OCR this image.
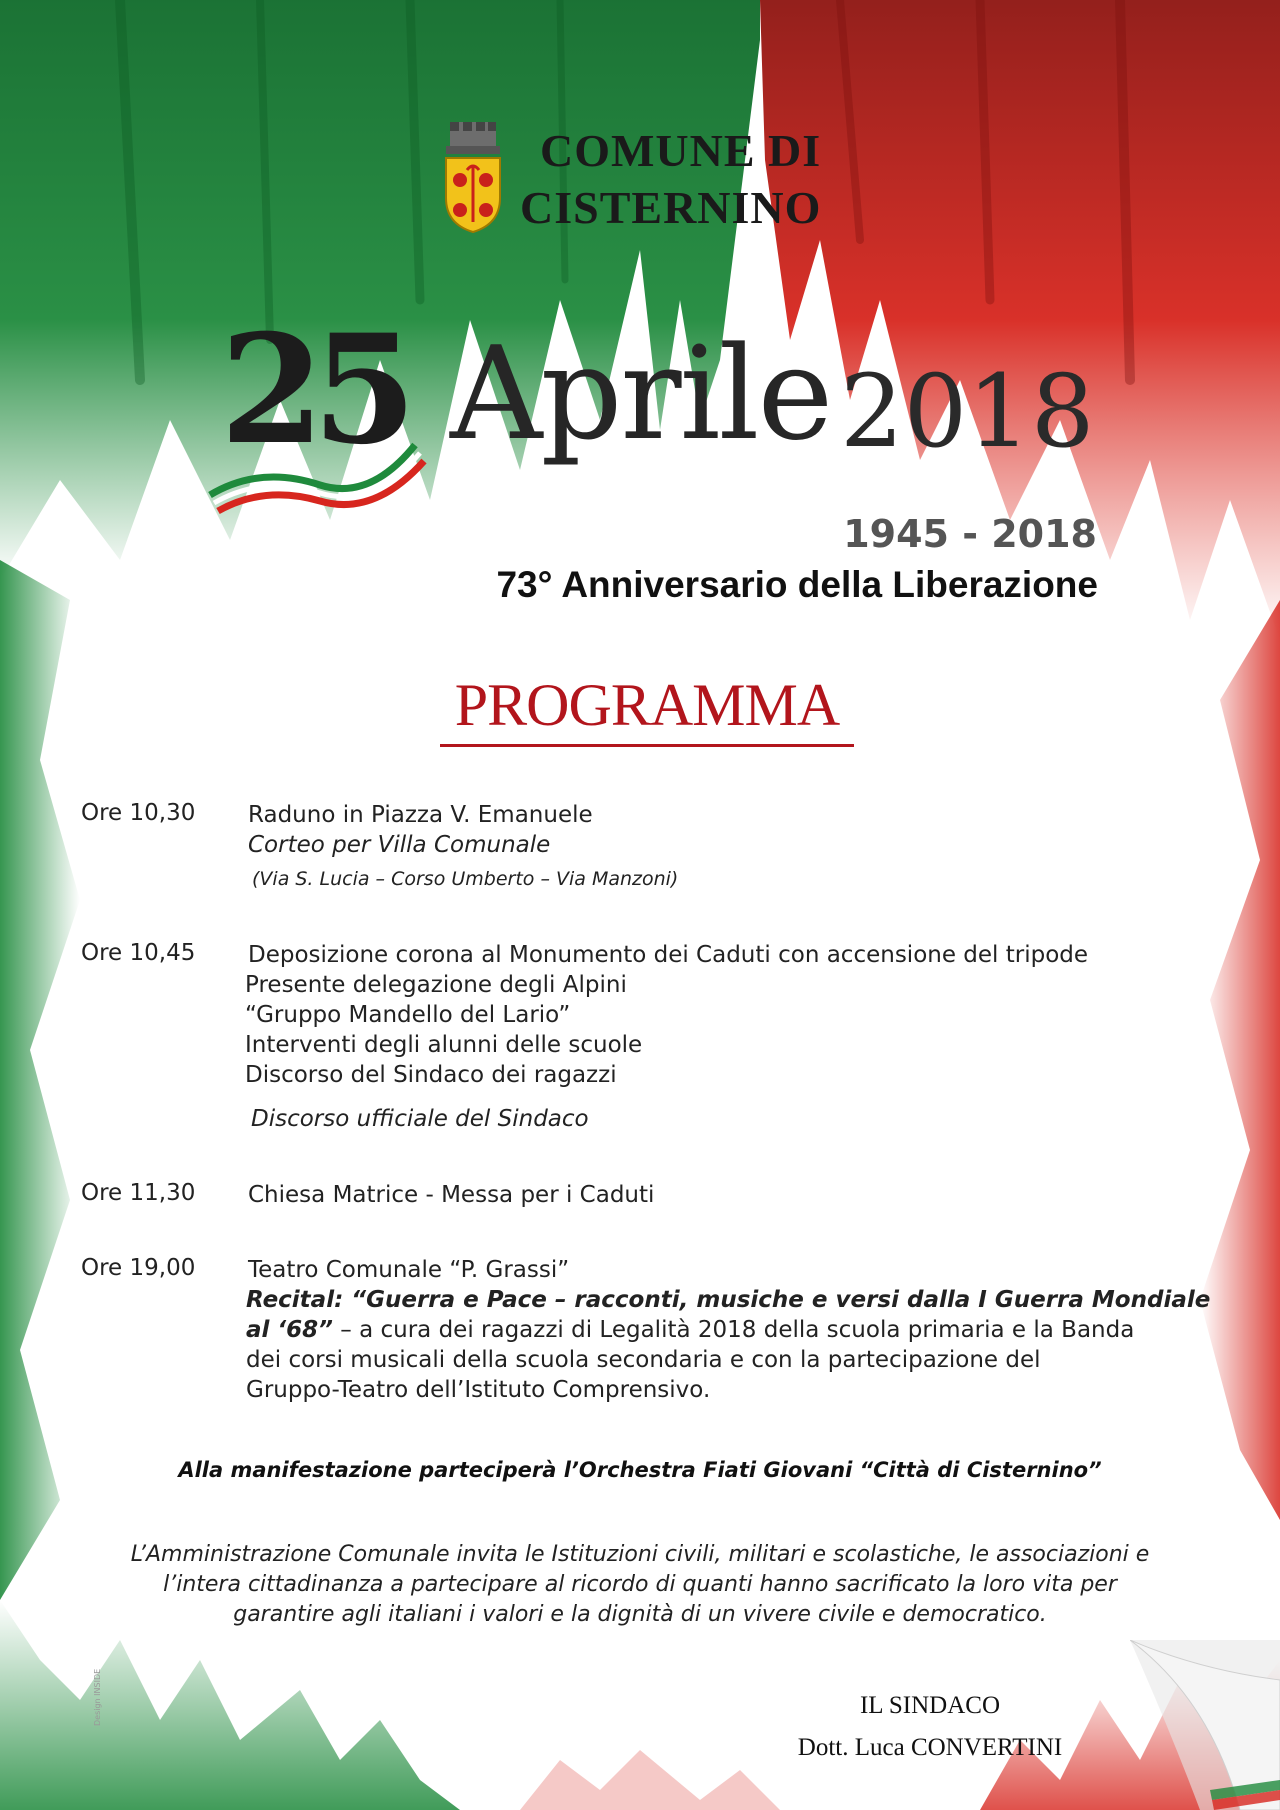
COMUNE DI
CISTERNINO
25 Aprile 2018
1945 - 2018
73° Anniversario della Liberazione
PROGRAMMA
Ore 10,30 Raduno in Piazza V. Emanuele
Corteo per Villa Comunale
(Via S. Lucia – Corso Umberto – Via Manzoni)
Ore 10,45 Deposizione corona al Monumento dei Caduti con accensione del tripode
Presente delegazione degli Alpini
“Gruppo Mandello del Lario”
Interventi degli alunni delle scuole
Discorso del Sindaco dei ragazzi
Discorso ufficiale del Sindaco
Ore 11,30 Chiesa Matrice - Messa per i Caduti
Ore 19,00 Teatro Comunale “P. Grassi”
Recital: “Guerra e Pace – racconti, musiche e versi dalla I Guerra Mondiale
al ‘68” – a cura dei ragazzi di Legalità 2018 della scuola primaria e la Banda
dei corsi musicali della scuola secondaria e con la partecipazione del
Gruppo-Teatro dell’Istituto Comprensivo.
Alla manifestazione parteciperà l’Orchestra Fiati Giovani “Città di Cisternino”
L’Amministrazione Comunale invita le Istituzioni civili, militari e scolastiche, le associazioni e
l’intera cittadinanza a partecipare al ricordo di quanti hanno sacrificato la loro vita per
garantire agli italiani i valori e la dignità di un vivere civile e democratico.
IL SINDACO
Dott. Luca CONVERTINI
Design INSIDE
